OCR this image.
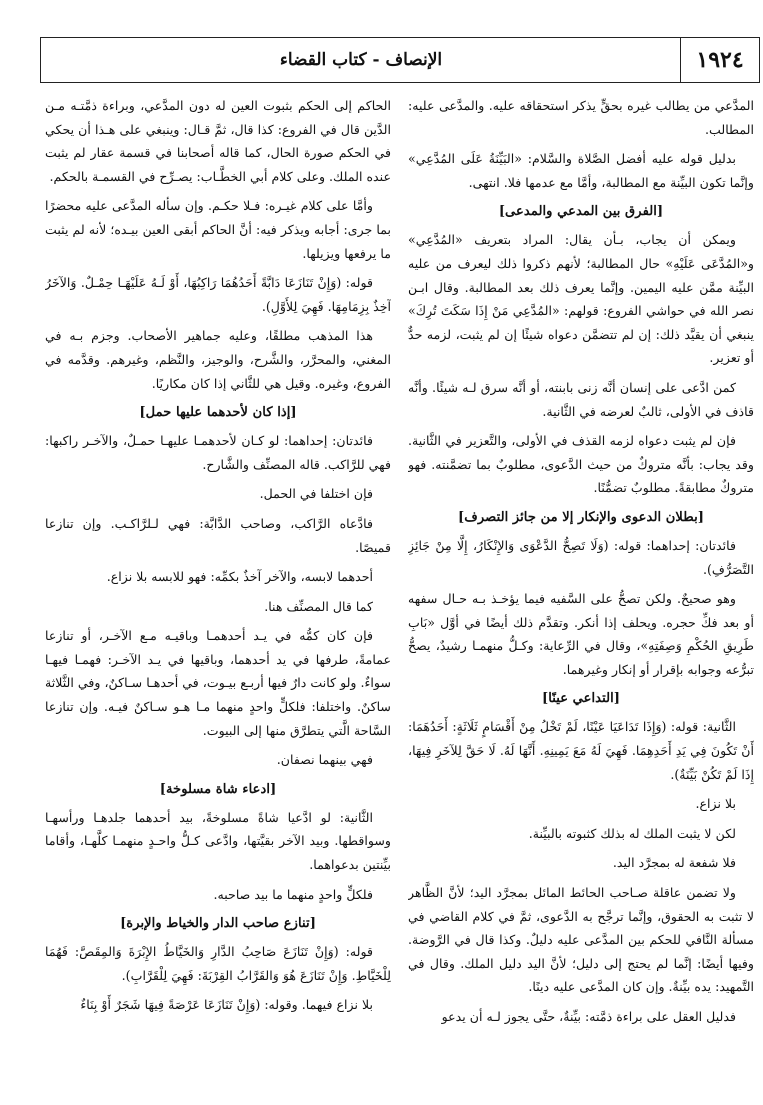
١٩٢٤
الإنصاف - كتاب القضاء

المدَّعي من يطالب غيره بحقٍّ يذكر استحقاقه عليه. والمدَّعى عليه: المطالب.

بدليل قوله عليه أفضل الصَّلاة والسَّلام: «البَيِّنَةُ عَلَى المُدَّعِي» وإنَّما تكون البيِّنة مع المطالبة، وأمَّا مع عدمها فلا. انتهى.

[الفرق بين المدعي والمدعى]

ويمكن أن يجاب، بـأن يقال: المراد بتعريف «المُدَّعِي» و«المُدَّعَى عَلَيْهِ» حال المطالبة؛ لأنهم ذكروا ذلك ليعرف من عليه البيِّنة ممَّن عليه اليمين. وإنَّما يعرف ذلك بعد المطالبة. وقال ابـن نصر الله في حواشي الفروع: قولهم: «المُدَّعِي مَنْ إِذَا سَكَتَ تُرِكَ» ينبغي أن يقيَّد ذلك: إن لم تتضمَّن دعواه شيئًا إن لم يثبت، لزمه حدٌّ أو تعزير.

كمن ادَّعى على إنسان أنَّه زنى بابنته، أو أنَّه سرق لـه شيئًا. وأنَّه قاذف في الأولى، ثالبٌ لعرضه في الثَّانية.

فإن لم يثبت دعواه لزمه القذف في الأولى، والتَّعزير في الثَّانية. وقد يجاب: بأنَّه متروكٌ من حيث الدَّعوى، مطلوبٌ بما تضمَّنته. فهو متروكٌ مطابقةً. مطلوبٌ تضمُّنًا.

[بطلان الدعوى والإنكار إلا من جائز التصرف]

فائدتان: إحداهما: قوله: (وَلَا تَصِحُّ الدَّعْوَى وَالإِنْكَارُ، إِلَّا مِنْ جَائِزِ التَّصَرُّفِ).

وهو صحيحٌ. ولكن تصحُّ على السَّفيه فيما يؤخـذ بـه حـال سفهه أو بعد فكِّ حجره. ويحلف إذا أنكر. وتقدَّم ذلك أيضًا في أوَّل «بَابِ طَرِيقِ الحُكْمِ وَصِفَتِهِ»، وقال في الرِّعاية: وكـلُّ منهمـا رشيدٌ، يصحُّ تبرُّعه وجوابه بإقرار أو إنكار وغيرهما.

[التداعي عينًا]

الثَّانية: قوله: (وَإِذَا تَدَاعَيَا عَيْنًا، لَمْ تَخْلُ مِنْ أَقْسَامٍ ثَلَاثَةٍ: أَحَدُهَمَا: أَنْ تَكُونَ فِي يَدِ أَحَدِهِمَا. فَهِيَ لَهُ مَعَ يَمِينِهِ. أَنَّهَا لَهُ. لَا حَقَّ لِلآخَرِ فِيهَا، إِذَا لَمْ تَكُنْ بَيِّنَةٌ).

بلا نزاع.

لكن لا يثبت الملك له بذلك كثبوته بالبيِّنة.

فلا شفعة له بمجرَّد اليد.

ولا تضمن عاقلة صـاحب الحائط المائل بمجرَّد اليد؛ لأنَّ الظَّاهر لا تثبت به الحقوق، وإنَّما ترجَّح به الدَّعوى، ثمَّ في كلام القاضي في مسألة النَّافي للحكم بين المدَّعى عليه دليلٌ. وكذا قال في الرَّوضة. وفيها أيضًا: إنَّما لم يحتج إلى دليل؛ لأنَّ اليد دليل الملك. وقال في التَّمهيد: يده بيِّنةٌ. وإن كان المدَّعى عليه دينًا.

فدليل العقل على براءة ذمَّته: بيِّنةٌ، حتَّى يجوز لـه أن يدعو

الحاكم إلى الحكم بثبوت العين له دون المدَّعي، وبراءة ذمَّتـه مـن الدَّين قال في الفروع: كذا قال، ثمَّ قـال: وينبغي على هـذا أن يحكي في الحكم صورة الحال، كما قاله أصحابنا في قسمة عقار لم يثبت عنده الملك. وعلى كلام أبي الخطَّـاب: يصـرِّح في القسمـة بالحكم.

وأمَّا على كلام غيـره: فـلا حكـم. وإن سأله المدَّعى عليه محضرًا بما جرى: أجابه ويذكر فيه: أنَّ الحاكم أبقى العين بيـده؛ لأنه لم يثبت ما يرفعها ويزيلها.

قوله: (وَإِنْ تَنَازَعَا دَابَّةً أَحَدُهُمَا رَاكِبُهَا، أَوْ لَـهُ عَلَيْهَـا حِمْـلٌ. وَالآخَرُ آخِذٌ بِزِمَامِهَا. فَهِيَ لِلأَوَّلِ).

هذا المذهب مطلقًا، وعليه جماهير الأصحاب. وجزم بـه في المغني، والمحرَّر، والشَّرح، والوجيز، والنَّظم، وغيرهم. وقدَّمه في الفروع، وغيره. وقيل هي للثَّاني إذا كان مكاريًا.

[إذا كان لأحدهما عليها حمل]

فائدتان: إحداهما: لو كـان لأحدهمـا عليهـا حمـلٌ، والآخـر راكبها: فهي للرَّاكب. قاله المصنِّف والشَّارح.

فإن اختلفا في الحمل.

فادَّعاه الرَّاكب، وصاحب الدَّابَّة: فهي لـلرَّاكـب. وإن تنازعا قميصًا.

أحدهما لابسه، والآخر آخذٌ بكمِّه: فهو للابسه بلا نزاع.

كما قال المصنِّف هنا.

فإن كان كمُّه في يـد أحدهمـا وباقيـه مـع الآخـر، أو تنازعا عمامةً، طرفها في يد أحدهما، وباقيها في يـد الآخـر: فهمـا فيهـا سواءٌ. ولو كانت دارٌ فيها أربـع بيـوت، في أحدهـا سـاكنٌ، وفي الثَّلاثة ساكنٌ. واختلفا: فلكلٍّ واحدٍ منهما مـا هـو سـاكنٌ فيـه. وإن تنازعا السَّاحة الَّتي يتطرَّق منها إلى البيوت.

فهي بينهما نصفان.

[ادعاء شاة مسلوخة]

الثَّانية: لو ادَّعيا شاةً مسلوخةً، بيد أحدهما جلدهـا ورأسهـا وسواقطها. وبيد الآخر بقيَّتها، وادَّعى كـلُّ واحـدٍ منهمـا كلَّهـا، وأقاما بيِّنتين بدعواهما.

فلكلٍّ واحدٍ منهما ما بيد صاحبه.

[تنازع صاحب الدار والخياط والإبرة]

قوله: (وَإِنْ تَنَازَعَ صَاحِبُ الدَّارِ وَالخَيَّاطُ الإِبْرَةَ وَالمِقَصَّ: فَهُمَا لِلْخَيَّاطِ. وَإِنْ تَنَازَعَ هُوَ وَالقَرَّابُ القِرْبَةَ: فَهِيَ لِلْقَرَّابِ).

بلا نزاع فيهما. وقوله: (وَإِنْ تَنَازَعَا عَرْصَةً فِيهَا شَجَرٌ أَوْ بِنَاءٌ
